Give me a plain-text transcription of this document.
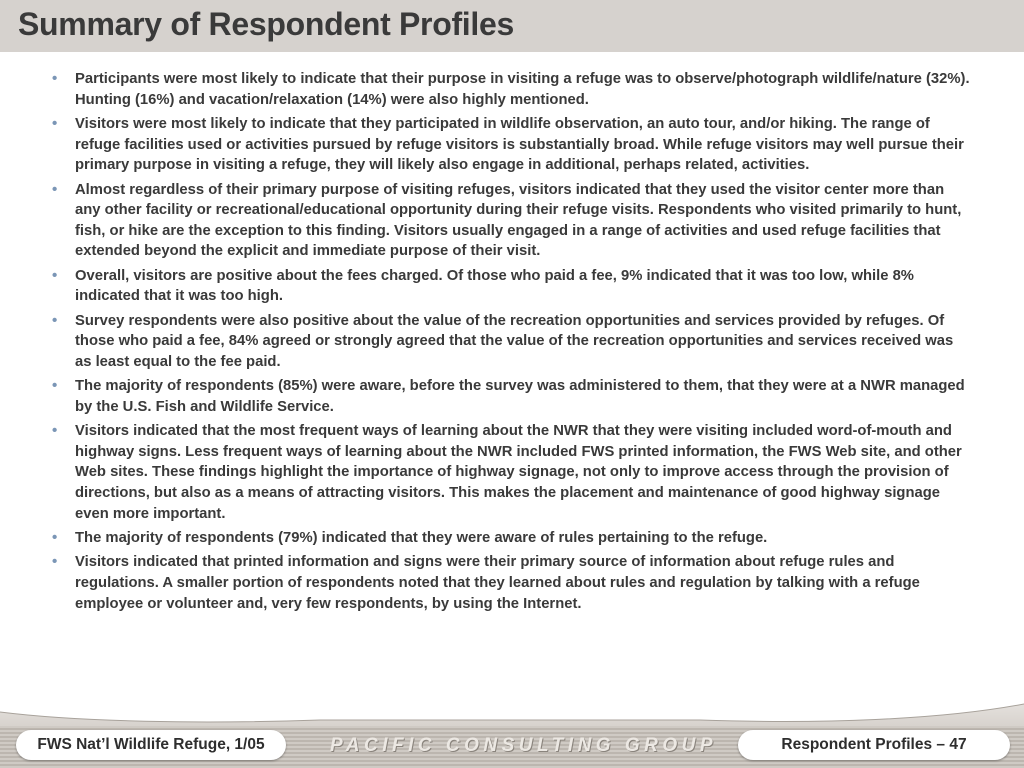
Summary of Respondent Profiles
• Participants were most likely to indicate that their purpose in visiting a refuge was to observe/photograph wildlife/nature (32%). Hunting (16%) and vacation/relaxation (14%) were also highly mentioned.
• Visitors were most likely to indicate that they participated in wildlife observation, an auto tour, and/or hiking. The range of refuge facilities used or activities pursued by refuge visitors is substantially broad. While refuge visitors may well pursue their primary purpose in visiting a refuge, they will likely also engage in additional, perhaps related, activities.
• Almost regardless of their primary purpose of visiting refuges, visitors indicated that they used the visitor center more than any other facility or recreational/educational opportunity during their refuge visits. Respondents who visited primarily to hunt, fish, or hike are the exception to this finding. Visitors usually engaged in a range of activities and used refuge facilities that extended beyond the explicit and immediate purpose of their visit.
• Overall, visitors are positive about the fees charged. Of those who paid a fee, 9% indicated that it was too low, while 8% indicated that it was too high.
• Survey respondents were also positive about the value of the recreation opportunities and services provided by refuges. Of those who paid a fee, 84% agreed or strongly agreed that the value of the recreation opportunities and services received was as least equal to the fee paid.
• The majority of respondents (85%) were aware, before the survey was administered to them, that they were at a NWR managed by the U.S. Fish and Wildlife Service.
• Visitors indicated that the most frequent ways of learning about the NWR that they were visiting included word-of-mouth and highway signs. Less frequent ways of learning about the NWR included FWS printed information, the FWS Web site, and other Web sites. These findings highlight the importance of highway signage, not only to improve access through the provision of directions, but also as a means of attracting visitors. This makes the placement and maintenance of good highway signage even more important.
• The majority of respondents (79%) indicated that they were aware of rules pertaining to the refuge.
• Visitors indicated that printed information and signs were their primary source of information about refuge rules and regulations. A smaller portion of respondents noted that they learned about rules and regulation by talking with a refuge employee or volunteer and, very few respondents, by using the Internet.
FWS Nat’l Wildlife Refuge, 1/05	PACIFIC CONSULTING GROUP	Respondent Profiles – 47
